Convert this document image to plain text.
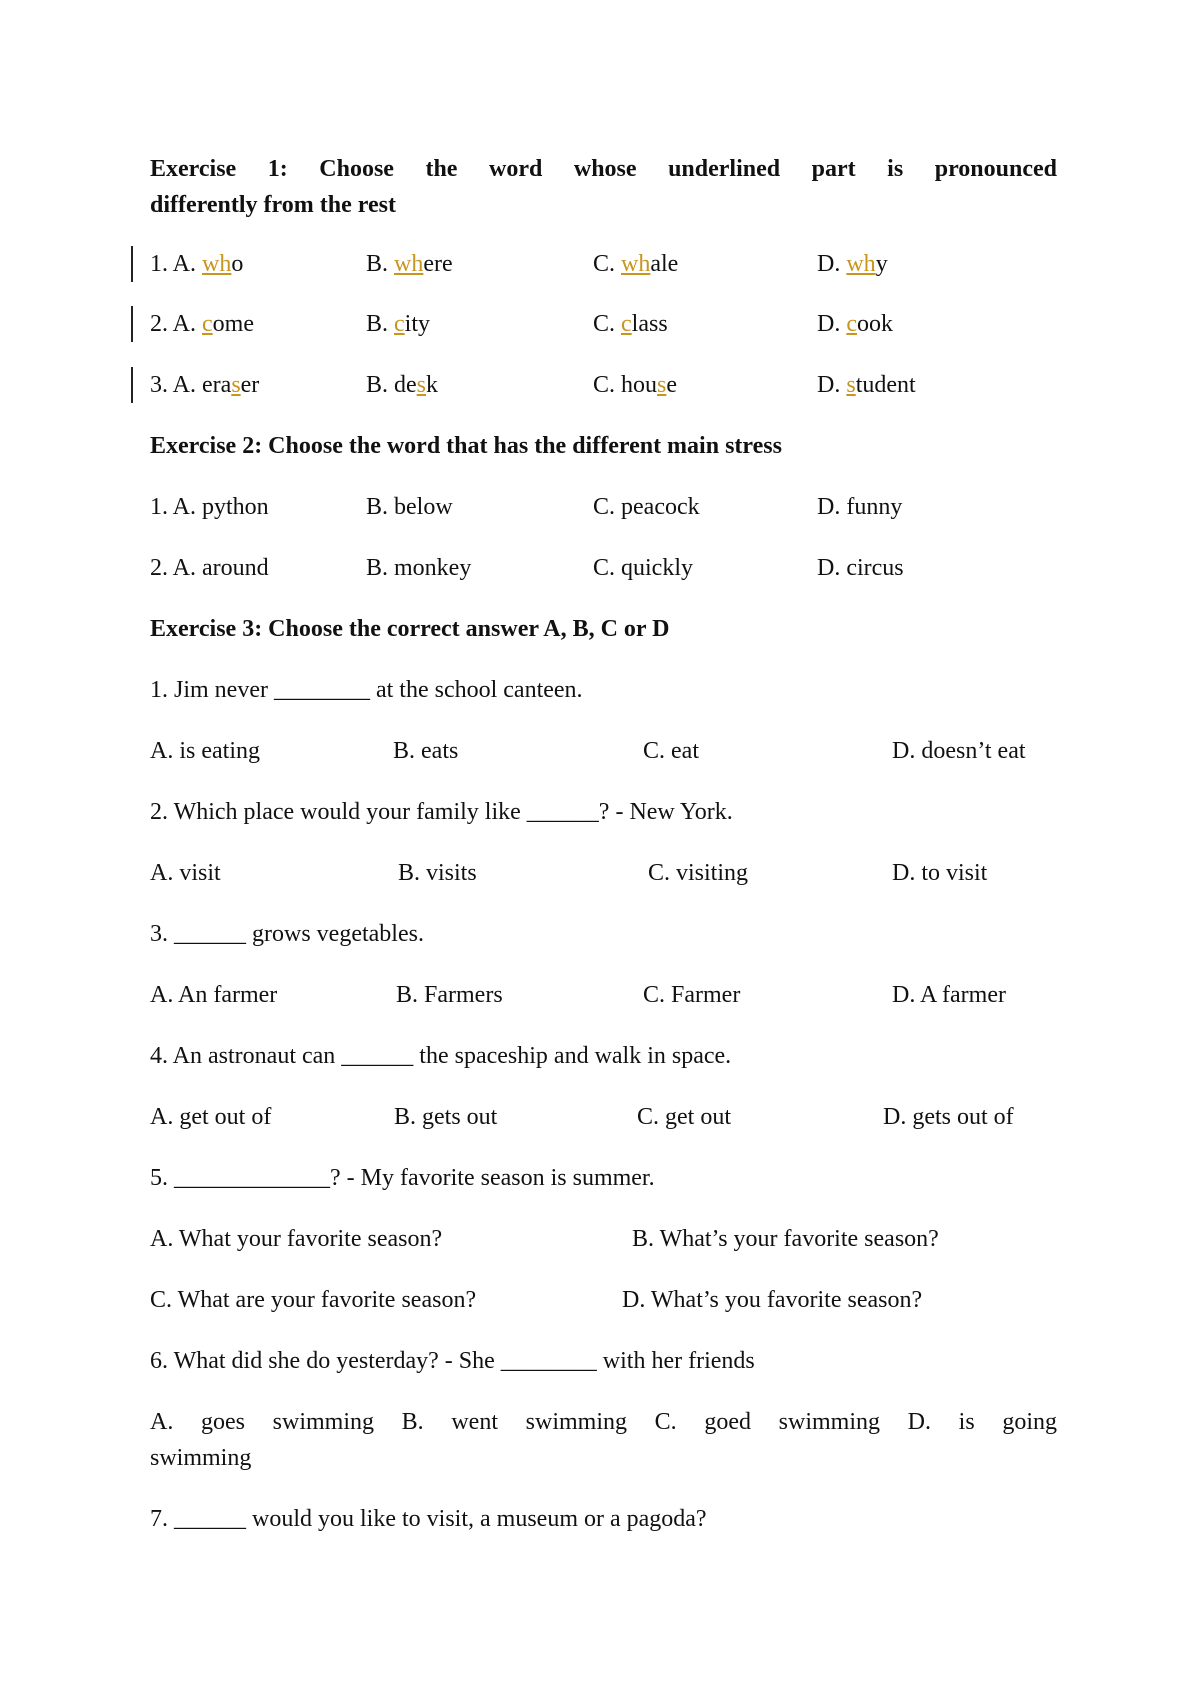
Exercise 1: Choose the word whose underlined part is pronounced
differently from the rest
1. A. who	B. where	C. whale	D. why
2. A. come	B. city	C. class	D. cook
3. A. eraser	B. desk	C. house	D. student
Exercise 2: Choose the word that has the different main stress
1. A. python	B. below	C. peacock	D. funny
2. A. around	B. monkey	C. quickly	D. circus
Exercise 3: Choose the correct answer A, B, C or D
1. Jim never ________ at the school canteen.
A. is eating	B. eats	C. eat	D. doesn’t eat
2. Which place would your family like ______? - New York.
A. visit	B. visits	C. visiting	D. to visit
3. ______ grows vegetables.
A. An farmer	B. Farmers	C. Farmer	D. A farmer
4. An astronaut can ______ the spaceship and walk in space.
A. get out of	B. gets out	C. get out	D. gets out of
5. _____________? - My favorite season is summer.
A. What your favorite season?	B. What’s your favorite season?
C. What are your favorite season?	D. What’s you favorite season?
6. What did she do yesterday? - She ________ with her friends
A. goes swimming B. went swimming C. goed swimming D. is going
swimming
7. ______ would you like to visit, a museum or a pagoda?
